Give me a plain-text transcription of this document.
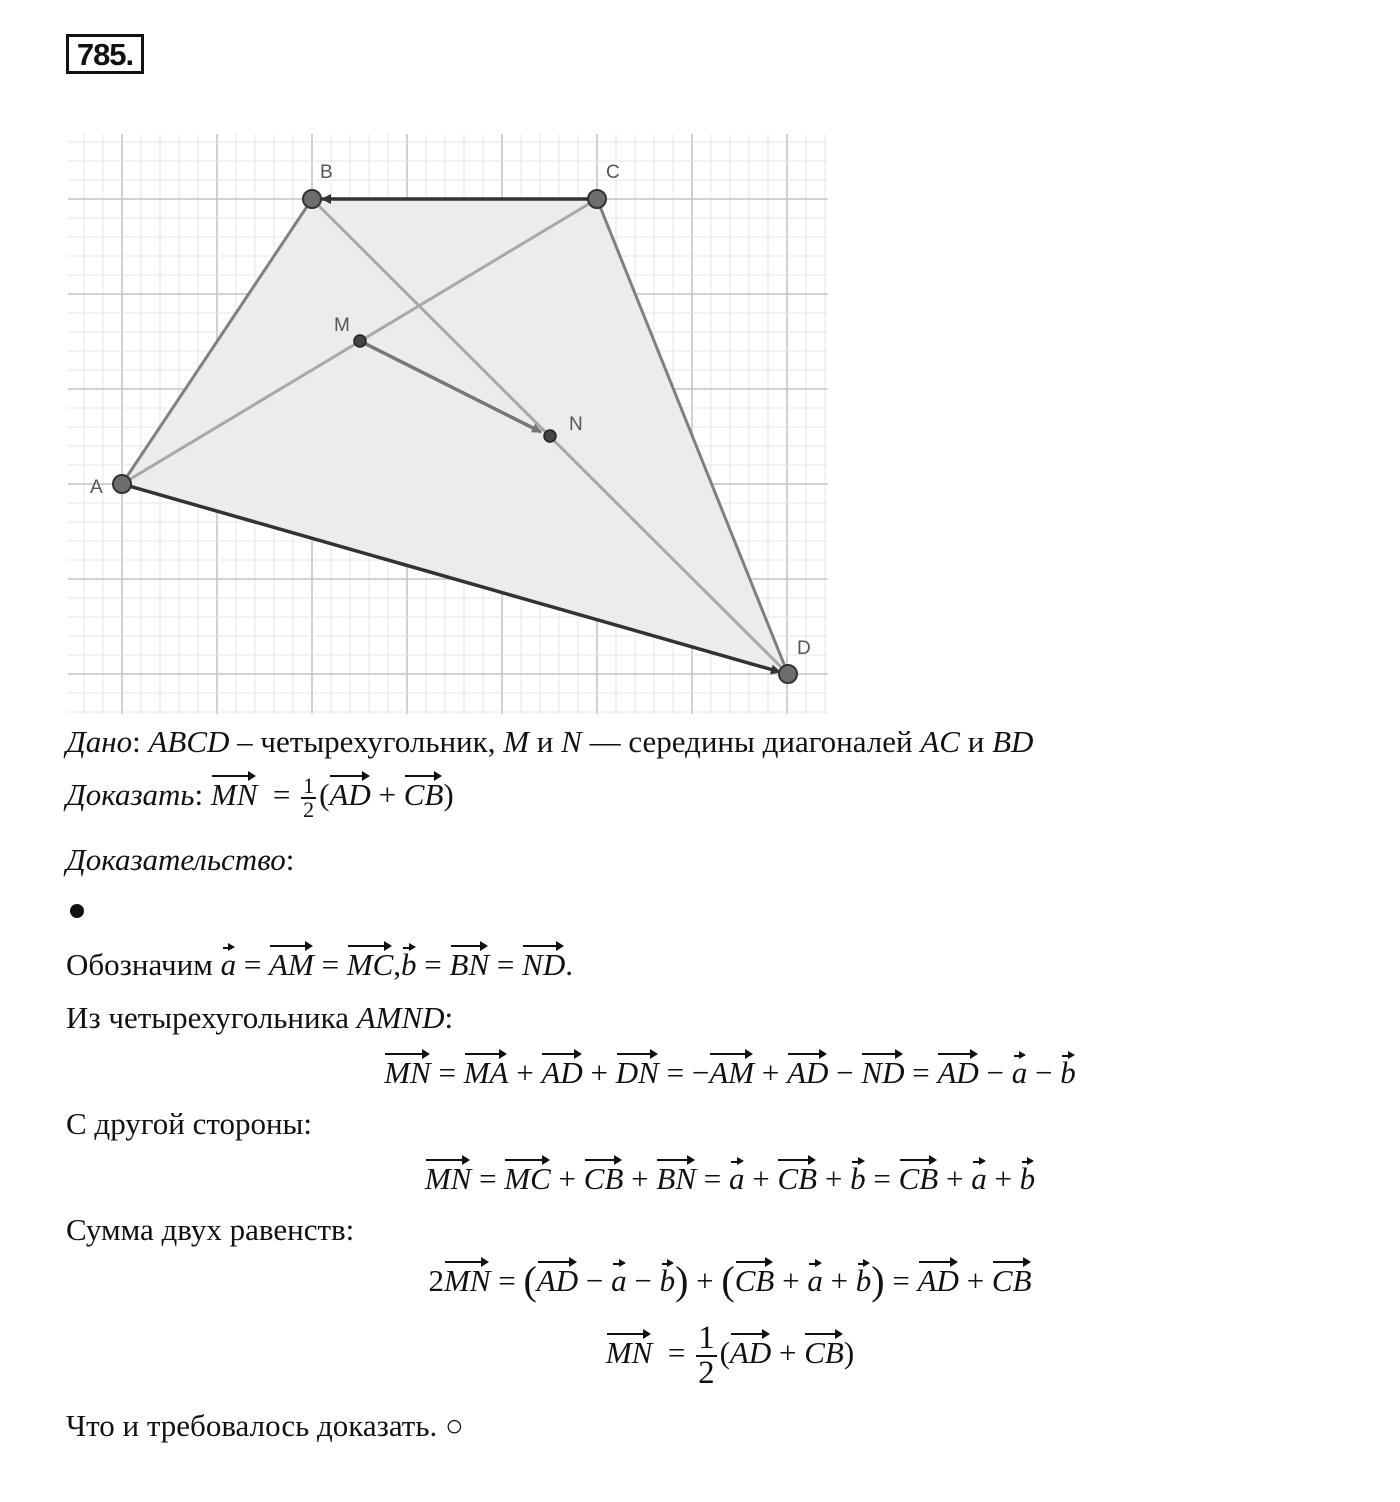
785.
A
B	C
D
M
N
Дано: ABCD – четырехугольник, M и N — середины диагоналей AC и BD
Доказать: MN = $\frac{1}{2} (AD + CB)$
Доказательство:
Обозначим a = AM = MC,b = BN = ND.
Из четырехугольника AMND:
MN = MA + AD + DN = −AM + AD − ND = AD − a − b
С другой стороны:
MN = MC + CB + BN = a + CB + b = CB + a + b
Сумма двух равенств:
2MN = (AD − a − b) + (CB + a + b) = AD + CB
MN  = $\frac{1}{2} (AD + CB)$
Что и требовалось доказать. ○
